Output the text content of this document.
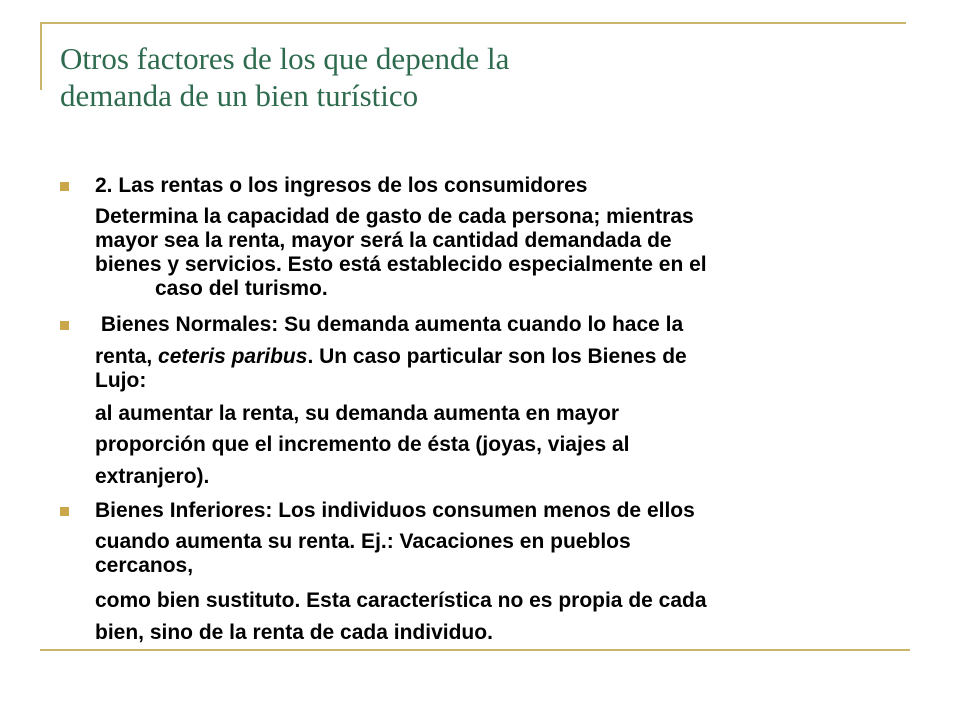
Otros factores de los que depende la
demanda de un bien turístico
2. Las rentas o los ingresos de los consumidores
Determina la capacidad de gasto de cada persona; mientras
mayor sea la renta, mayor será la cantidad demandada de
bienes y servicios. Esto está establecido especialmente en el
caso del turismo.
Bienes Normales: Su demanda aumenta cuando lo hace la
renta, ceteris paribus. Un caso particular son los Bienes de
Lujo:
al aumentar la renta, su demanda aumenta en mayor
proporción que el incremento de ésta (joyas, viajes al
extranjero).
Bienes Inferiores: Los individuos consumen menos de ellos
cuando aumenta su renta. Ej.: Vacaciones en pueblos
cercanos,
como bien sustituto. Esta característica no es propia de cada
bien, sino de la renta de cada individuo.
